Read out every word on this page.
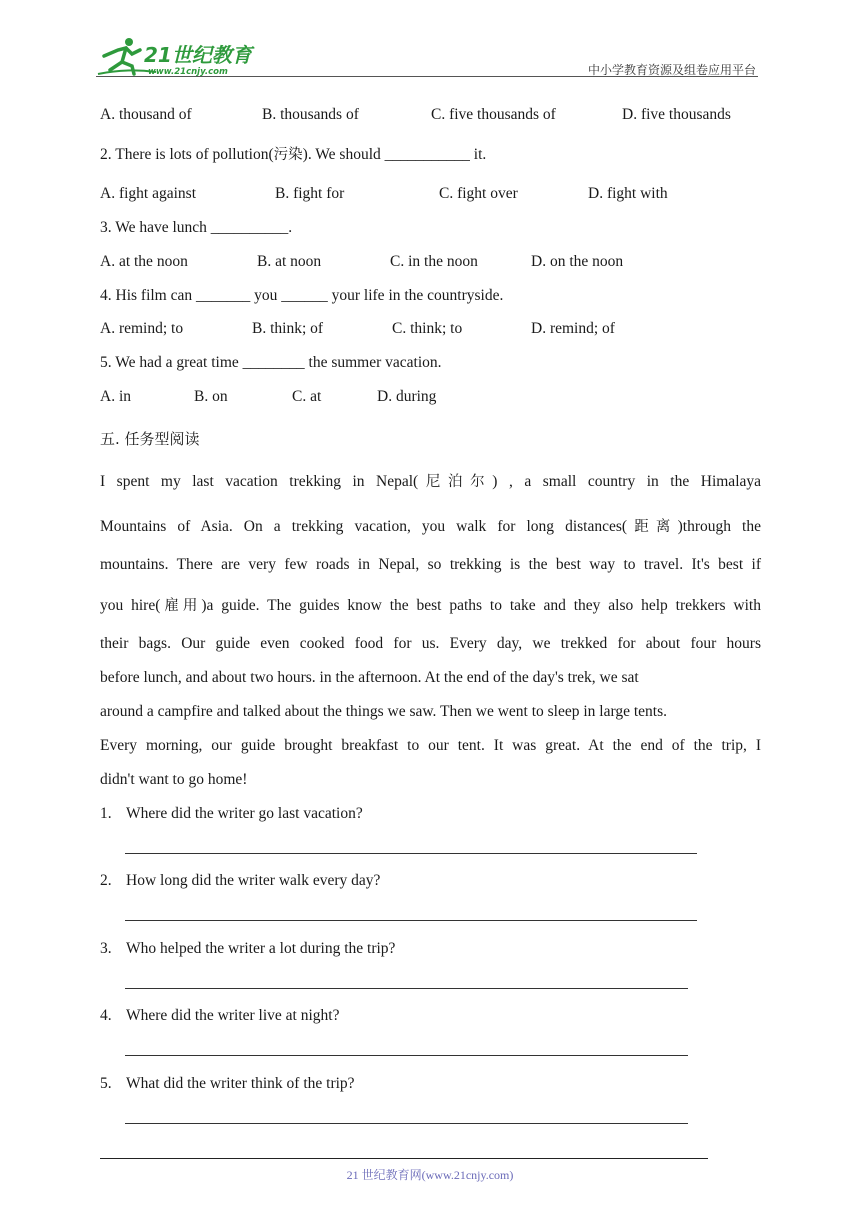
21世纪教育
www.21cnjy.com	中小学教育资源及组卷应用平台
A. thousand of	B. thousands of	C. five thousands of	D. five thousands
2. There is lots of pollution(污染). We should ___________ it.
A. fight against	B. fight for	C. fight over	D. fight with
3. We have lunch __________.
A. at the noon	B. at noon	C. in the noon	D. on the noon
4. His film can _______ you ______ your life in the countryside.
A. remind; to	B. think; of	C. think; to	D. remind; of
5. We had a great time ________ the summer vacation.
A. in	B. on	C. at	D. during
五. 任务型阅读
I spent my last vacation trekking in Nepal(尼泊尔) , a small country in the Himalaya
Mountains of Asia. On a trekking vacation, you walk for long distances(距离)through the
mountains. There are very few roads in Nepal, so trekking is the best way to travel. It's best if
you hire(雇用)a guide. The guides know the best paths to take and they also help trekkers with
their bags. Our guide even cooked food for us. Every day, we trekked for about four hours
before lunch, and about two hours. in the afternoon. At the end of the day's trek, we sat
around a campfire and talked about the things we saw. Then we went to sleep in large tents.
Every morning, our guide brought breakfast to our tent. It was great. At the end of the trip, I
didn't want to go home!
1. Where did the writer go last vacation?
2. How long did the writer walk every day?
3. Who helped the writer a lot during the trip?
4. Where did the writer live at night?
5. What did the writer think of the trip?
21 世纪教育网(www.21cnjy.com)
